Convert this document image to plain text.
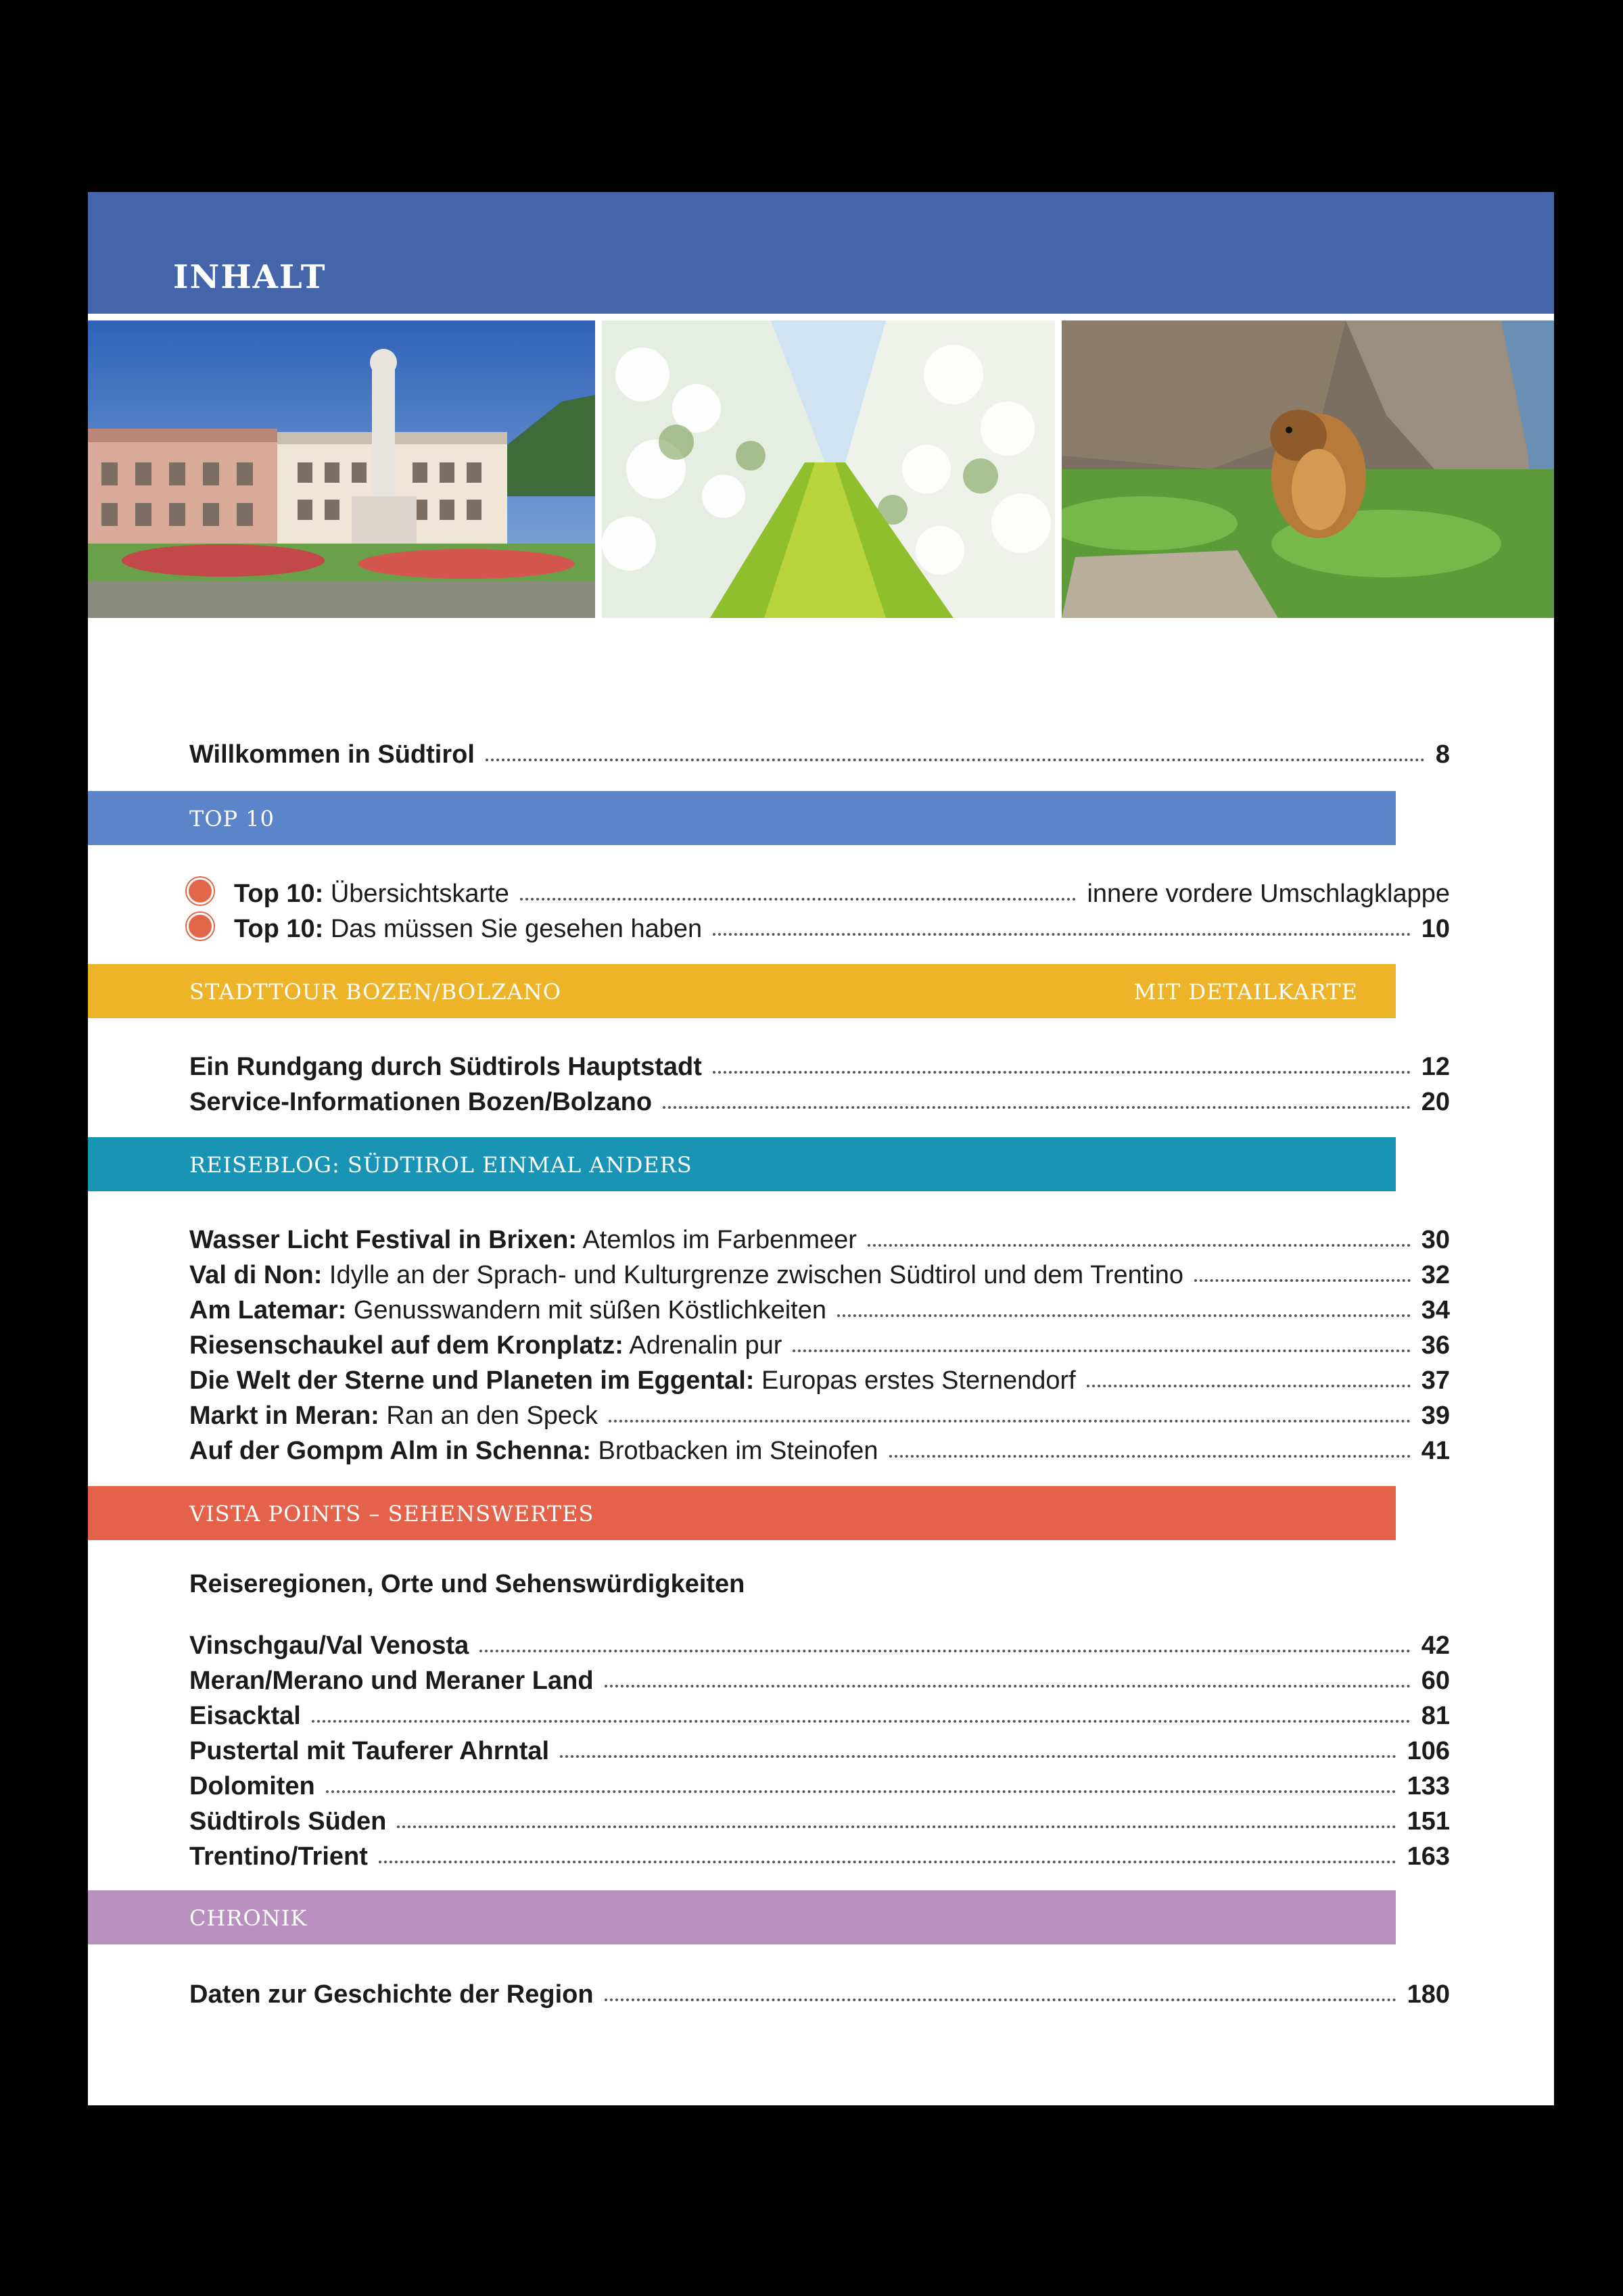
INHALT
Willkommen in Südtirol	8
TOP 10
Top 10: Übersichtskarte	innere vordere Umschlagklappe
Top 10: Das müssen Sie gesehen haben	10
STADTTOUR BOZEN/BOLZANO	MIT DETAILKARTE
Ein Rundgang durch Südtirols Hauptstadt	12
Service-Informationen Bozen/Bolzano	20
REISEBLOG: SÜDTIROL EINMAL ANDERS
Wasser Licht Festival in Brixen: Atemlos im Farbenmeer	30
Val di Non: Idylle an der Sprach- und Kulturgrenze zwischen Südtirol und dem Trentino	32
Am Latemar: Genusswandern mit süßen Köstlichkeiten	34
Riesenschaukel auf dem Kronplatz: Adrenalin pur	36
Die Welt der Sterne und Planeten im Eggental: Europas erstes Sternendorf	37
Markt in Meran: Ran an den Speck	39
Auf der Gompm Alm in Schenna: Brotbacken im Steinofen	41
VISTA POINTS – SEHENSWERTES
Reiseregionen, Orte und Sehenswürdigkeiten
Vinschgau/Val Venosta	42
Meran/Merano und Meraner Land	60
Eisacktal	81
Pustertal mit Tauferer Ahrntal	106
Dolomiten	133
Südtirols Süden	151
Trentino/Trient	163
CHRONIK
Daten zur Geschichte der Region	180
